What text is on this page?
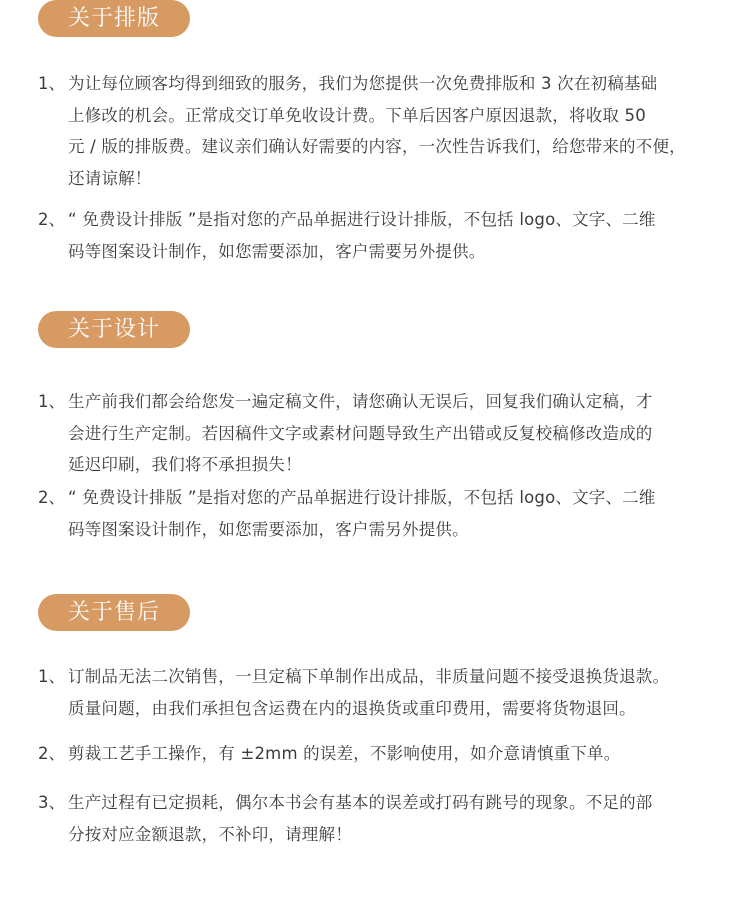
关于排版
1、 为让每位顾客均得到细致的服务，我们为您提供一次免费排版和 3 次在初稿基础
上修改的机会。正常成交订单免收设计费。下单后因客户原因退款，将收取 50
元 / 版的排版费。建议亲们确认好需要的内容，一次性告诉我们，给您带来的不便，
还请谅解！
2、 “ 免费设计排版 ”是指对您的产品单据进行设计排版，不包括 logo、文字、二维
码等图案设计制作，如您需要添加，客户需要另外提供。
关于设计
1、 生产前我们都会给您发一遍定稿文件，请您确认无误后，回复我们确认定稿，才
会进行生产定制。若因稿件文字或素材问题导致生产出错或反复校稿修改造成的
延迟印刷，我们将不承担损失！
2、 “ 免费设计排版 ”是指对您的产品单据进行设计排版，不包括 logo、文字、二维
码等图案设计制作，如您需要添加，客户需另外提供。
关于售后
1、 订制品无法二次销售，一旦定稿下单制作出成品，非质量问题不接受退换货退款。
质量问题，由我们承担包含运费在内的退换货或重印费用，需要将货物退回。
2、 剪裁工艺手工操作，有 ±2mm 的误差，不影响使用，如介意请慎重下单。
3、 生产过程有已定损耗，偶尔本书会有基本的误差或打码有跳号的现象。不足的部
分按对应金额退款，不补印，请理解！
